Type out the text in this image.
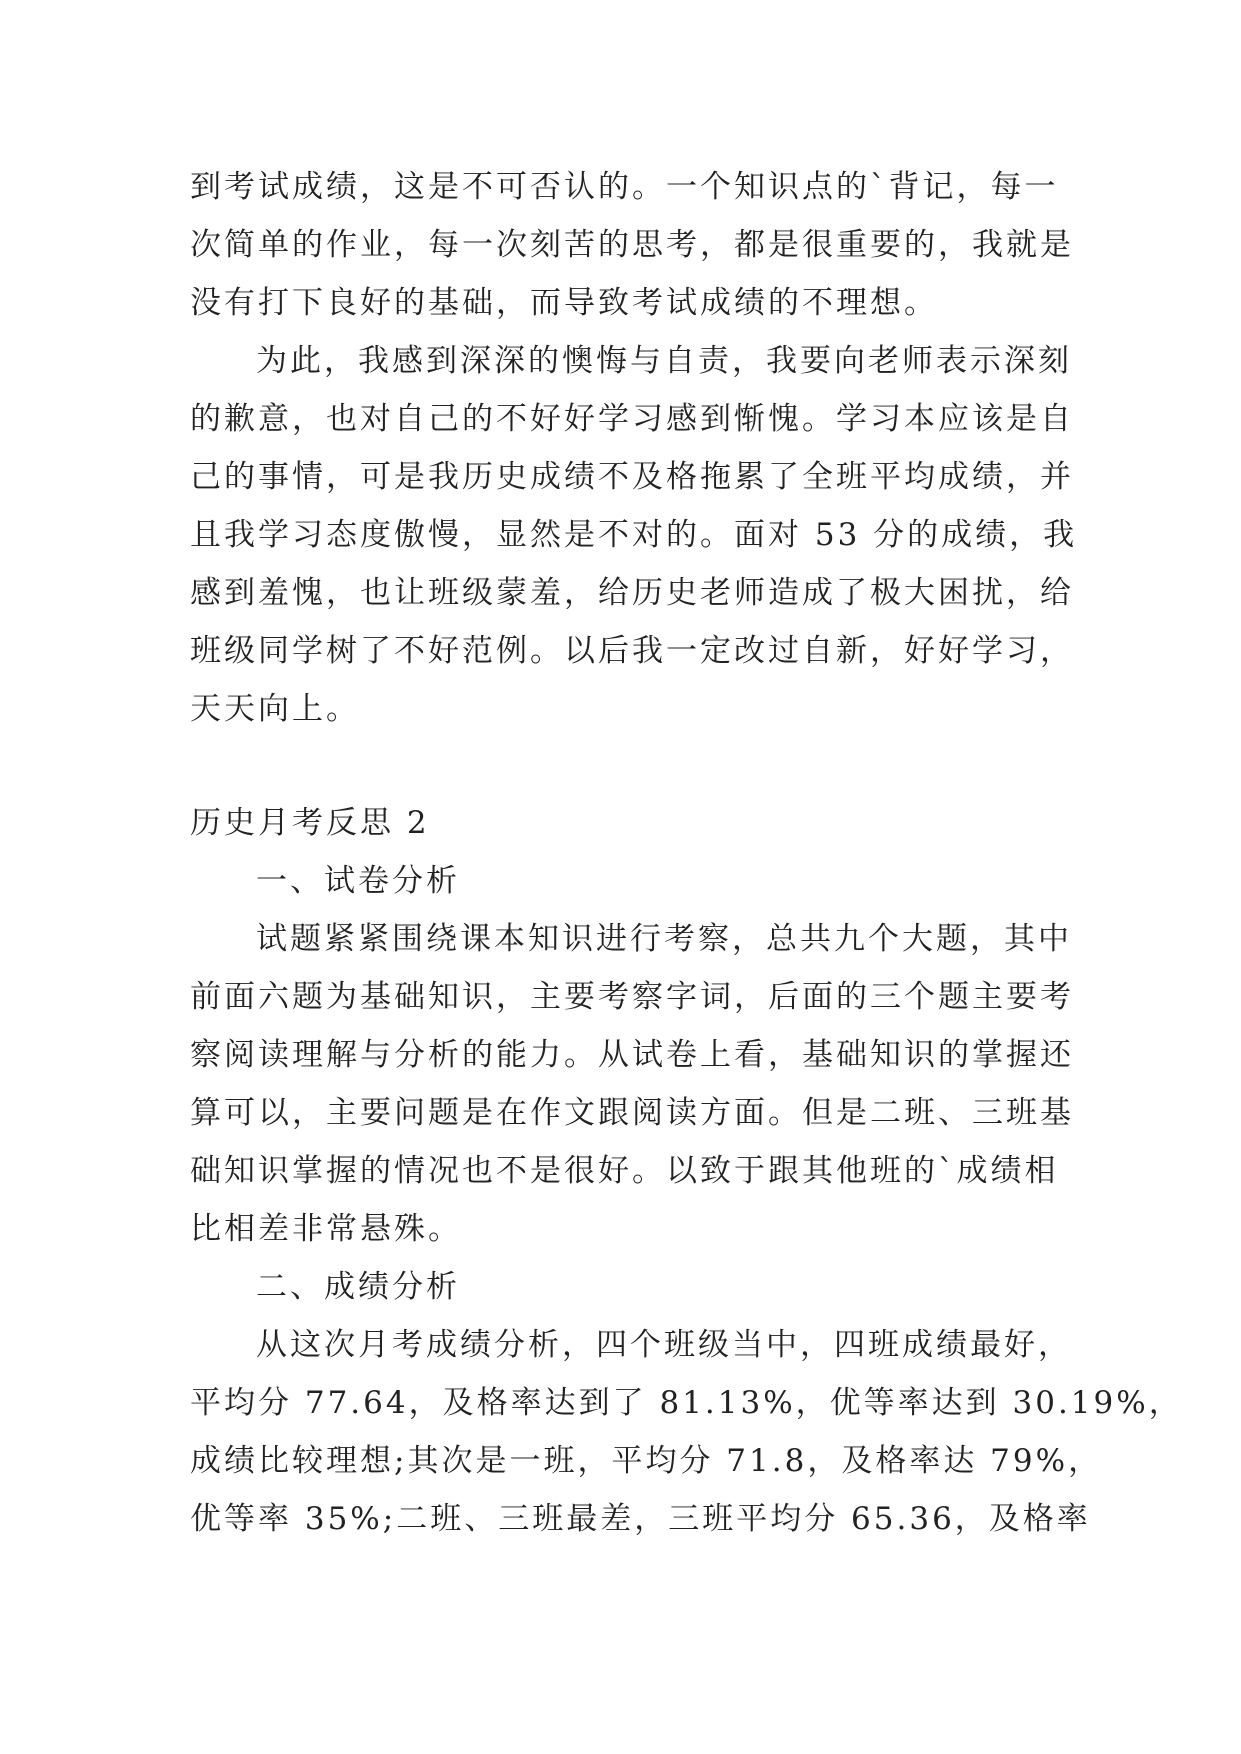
到考试成绩，这是不可否认的。一个知识点的`背记，每一
次简单的作业，每一次刻苦的思考，都是很重要的，我就是
没有打下良好的基础，而导致考试成绩的不理想。
为此，我感到深深的懊悔与自责，我要向老师表示深刻
的歉意，也对自己的不好好学习感到惭愧。学习本应该是自
己的事情，可是我历史成绩不及格拖累了全班平均成绩，并
且我学习态度傲慢，显然是不对的。面对 53 分的成绩，我
感到羞愧，也让班级蒙羞，给历史老师造成了极大困扰，给
班级同学树了不好范例。以后我一定改过自新，好好学习，
天天向上。
历史月考反思 2
一、试卷分析
试题紧紧围绕课本知识进行考察，总共九个大题，其中
前面六题为基础知识，主要考察字词，后面的三个题主要考
察阅读理解与分析的能力。从试卷上看，基础知识的掌握还
算可以，主要问题是在作文跟阅读方面。但是二班、三班基
础知识掌握的情况也不是很好。以致于跟其他班的`成绩相
比相差非常悬殊。
二、成绩分析
从这次月考成绩分析，四个班级当中，四班成绩最好，
平均分 77.64，及格率达到了 81.13%，优等率达到 30.19%，
成绩比较理想;其次是一班，平均分 71.8，及格率达 79%，
优等率 35%;二班、三班最差，三班平均分 65.36，及格率
